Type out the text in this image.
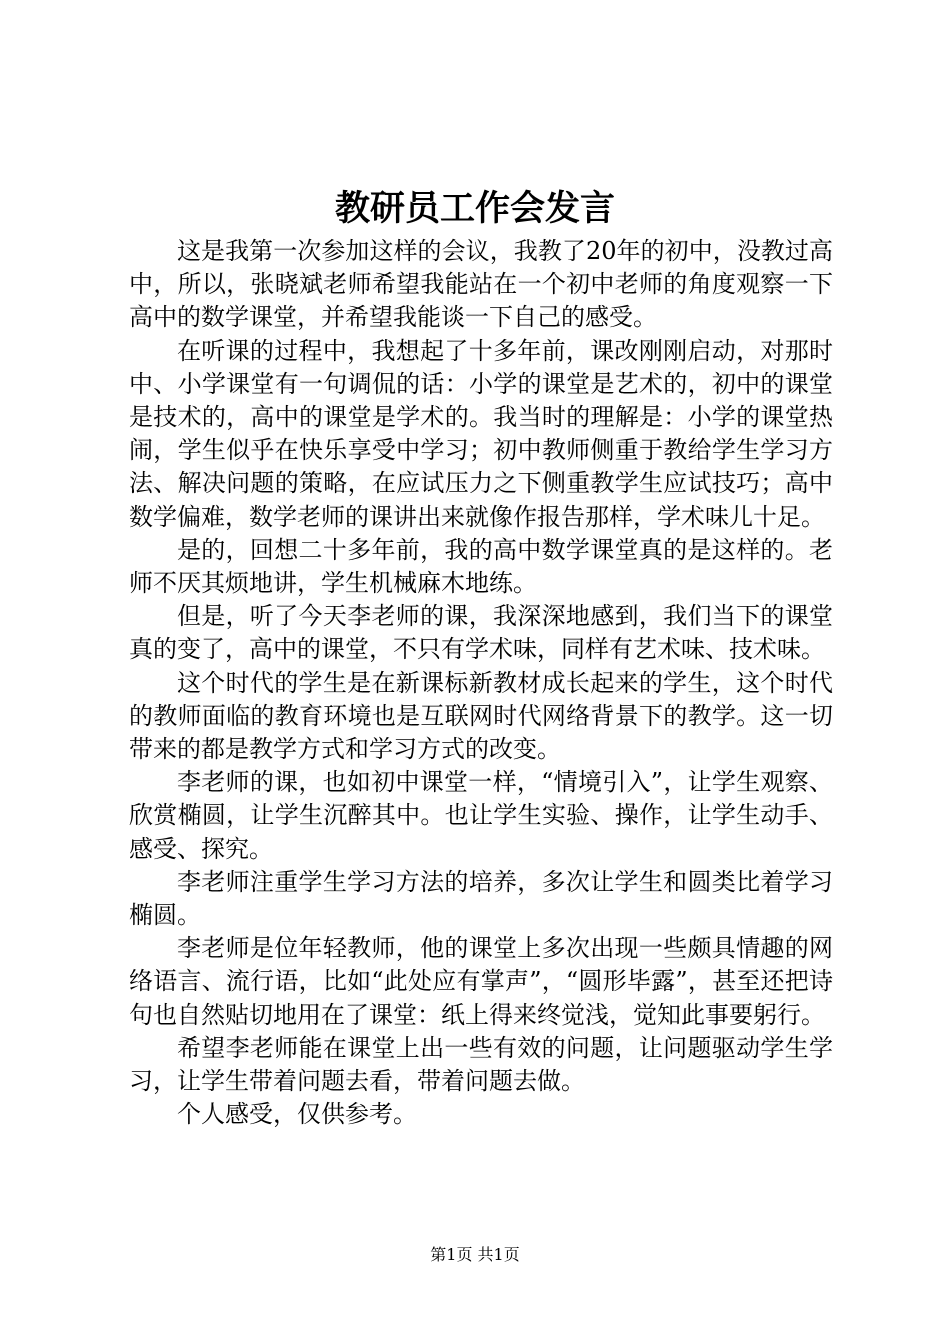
教研员工作会发言

这是我第一次参加这样的会议，我教了20年的初中，没教过高中，所以，张晓斌老师希望我能站在一个初中老师的角度观察一下高中的数学课堂，并希望我能谈一下自己的感受。

在听课的过程中，我想起了十多年前，课改刚刚启动，对那时中、小学课堂有一句调侃的话：小学的课堂是艺术的，初中的课堂是技术的，高中的课堂是学术的。我当时的理解是：小学的课堂热闹，学生似乎在快乐享受中学习；初中教师侧重于教给学生学习方法、解决问题的策略，在应试压力之下侧重教学生应试技巧；高中数学偏难，数学老师的课讲出来就像作报告那样，学术味儿十足。

是的，回想二十多年前，我的高中数学课堂真的是这样的。老师不厌其烦地讲，学生机械麻木地练。

但是，听了今天李老师的课，我深深地感到，我们当下的课堂真的变了，高中的课堂，不只有学术味，同样有艺术味、技术味。

这个时代的学生是在新课标新教材成长起来的学生，这个时代的教师面临的教育环境也是互联网时代网络背景下的教学。这一切带来的都是教学方式和学习方式的改变。

李老师的课，也如初中课堂一样，“情境引入”，让学生观察、欣赏椭圆，让学生沉醉其中。也让学生实验、操作，让学生动手、感受、探究。

李老师注重学生学习方法的培养，多次让学生和圆类比着学习椭圆。

李老师是位年轻教师，他的课堂上多次出现一些颇具情趣的网络语言、流行语，比如“此处应有掌声”，“圆形毕露”，甚至还把诗句也自然贴切地用在了课堂：纸上得来终觉浅，觉知此事要躬行。

希望李老师能在课堂上出一些有效的问题，让问题驱动学生学习，让学生带着问题去看，带着问题去做。

个人感受，仅供参考。

第1页 共1页
